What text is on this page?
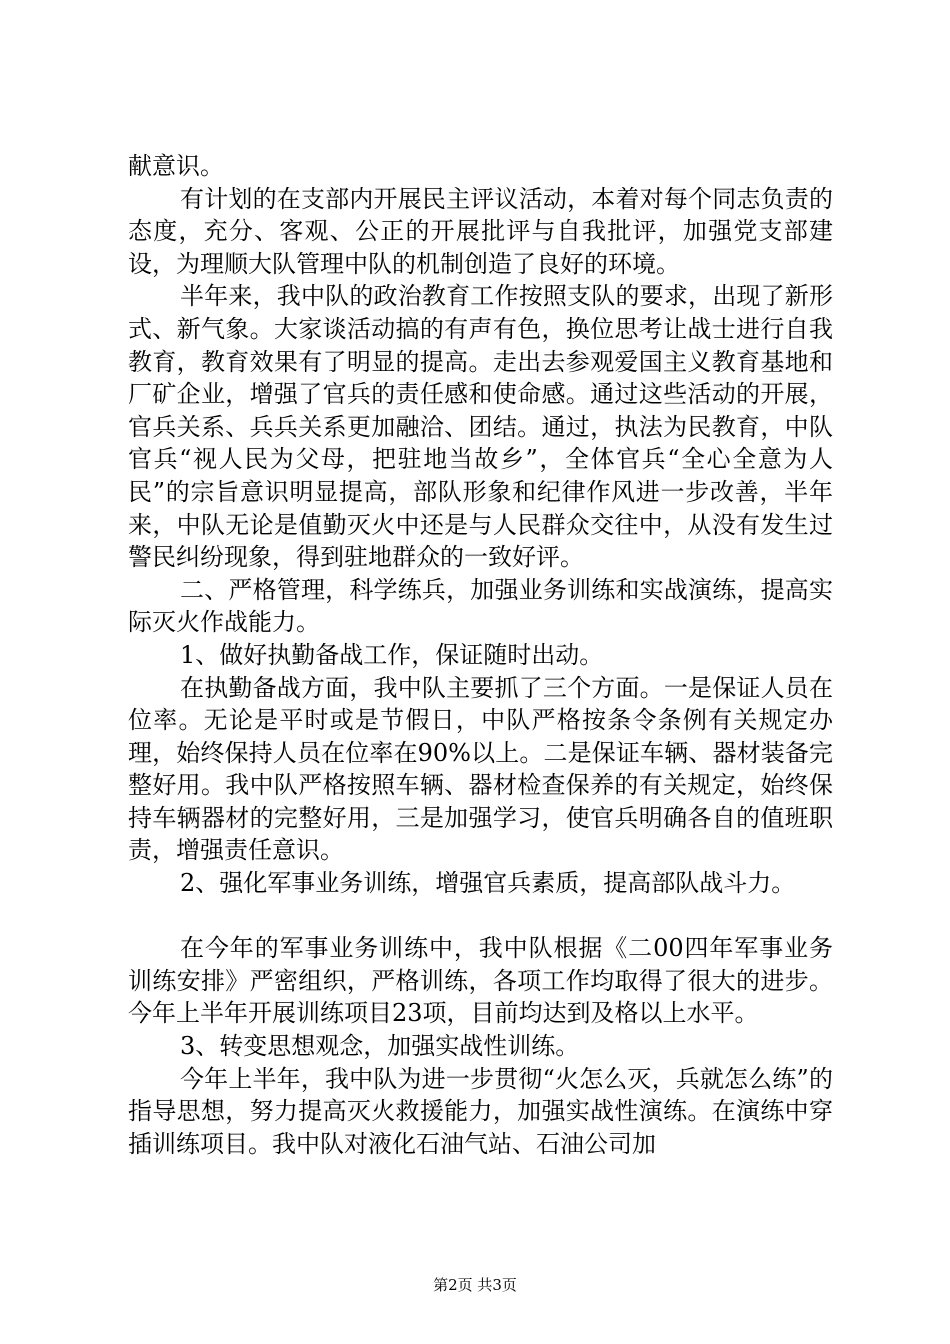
献意识。

有计划的在支部内开展民主评议活动，本着对每个同志负责的态度，充分、客观、公正的开展批评与自我批评，加强党支部建设，为理顺大队管理中队的机制创造了良好的环境。

半年来，我中队的政治教育工作按照支队的要求，出现了新形式、新气象。大家谈活动搞的有声有色，换位思考让战士进行自我教育，教育效果有了明显的提高。走出去参观爱国主义教育基地和厂矿企业，增强了官兵的责任感和使命感。通过这些活动的开展，官兵关系、兵兵关系更加融洽、团结。通过，执法为民教育，中队官兵“视人民为父母，把驻地当故乡”，全体官兵“全心全意为人民”的宗旨意识明显提高，部队形象和纪律作风进一步改善，半年来，中队无论是值勤灭火中还是与人民群众交往中，从没有发生过警民纠纷现象，得到驻地群众的一致好评。

二、严格管理，科学练兵，加强业务训练和实战演练，提高实际灭火作战能力。

1、做好执勤备战工作，保证随时出动。

在执勤备战方面，我中队主要抓了三个方面。一是保证人员在位率。无论是平时或是节假日，中队严格按条令条例有关规定办理，始终保持人员在位率在90%以上。二是保证车辆、器材装备完整好用。我中队严格按照车辆、器材检查保养的有关规定，始终保持车辆器材的完整好用，三是加强学习，使官兵明确各自的值班职责，增强责任意识。

2、强化军事业务训练，增强官兵素质，提高部队战斗力。

在今年的军事业务训练中，我中队根据《二00四年军事业务训练安排》严密组织，严格训练，各项工作均取得了很大的进步。今年上半年开展训练项目23项，目前均达到及格以上水平。

3、转变思想观念，加强实战性训练。

今年上半年，我中队为进一步贯彻“火怎么灭，兵就怎么练”的指导思想，努力提高灭火救援能力，加强实战性演练。在演练中穿插训练项目。我中队对液化石油气站、石油公司加

第2页 共3页
